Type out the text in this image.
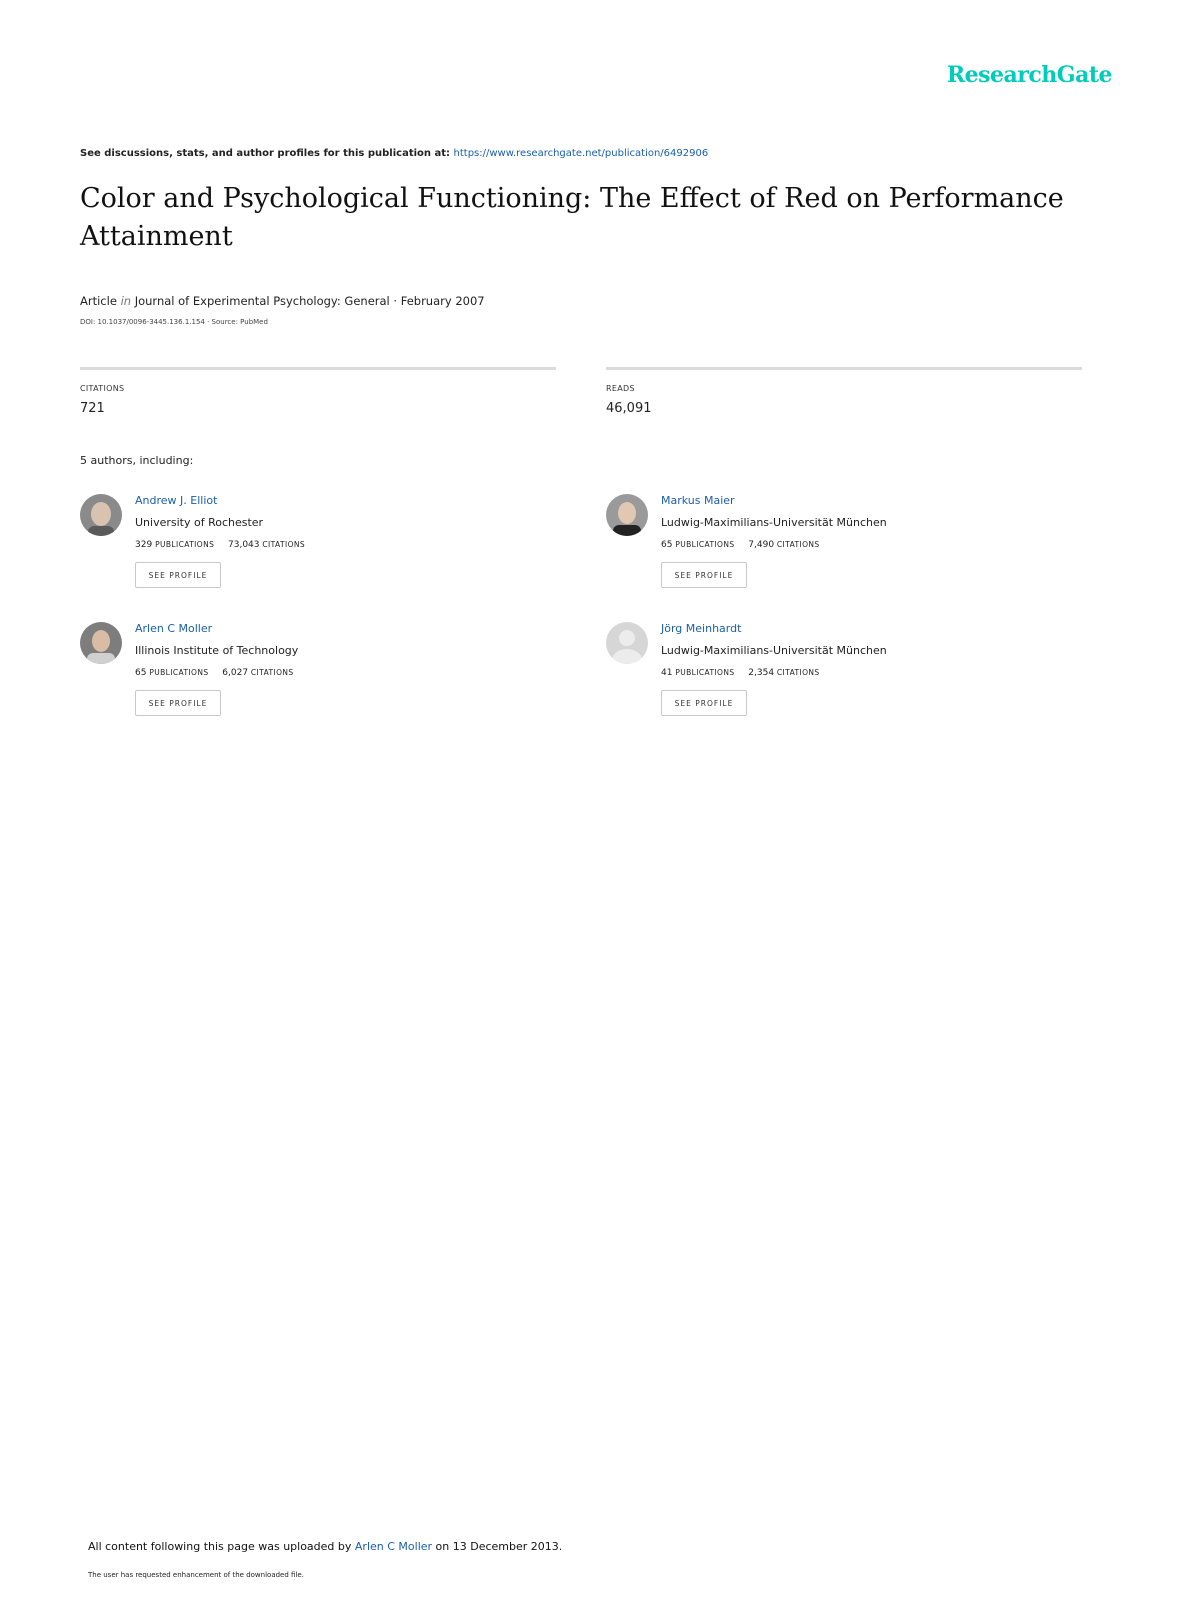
ResearchGate
See discussions, stats, and author profiles for this publication at: https://www.researchgate.net/publication/6492906
Color and Psychological Functioning: The Effect of Red on Performance Attainment
Article in Journal of Experimental Psychology: General · February 2007
DOI: 10.1037/0096-3445.136.1.154 · Source: PubMed
CITATIONS
721
READS
46,091
5 authors, including:
Andrew J. Elliot
University of Rochester
329 PUBLICATIONS 73,043 CITATIONS
SEE PROFILE
Markus Maier
Ludwig-Maximilians-Universität München
65 PUBLICATIONS 7,490 CITATIONS
SEE PROFILE
Arlen C Moller
Illinois Institute of Technology
65 PUBLICATIONS 6,027 CITATIONS
SEE PROFILE
Jörg Meinhardt
Ludwig-Maximilians-Universität München
41 PUBLICATIONS 2,354 CITATIONS
SEE PROFILE
All content following this page was uploaded by Arlen C Moller on 13 December 2013.
The user has requested enhancement of the downloaded file.
